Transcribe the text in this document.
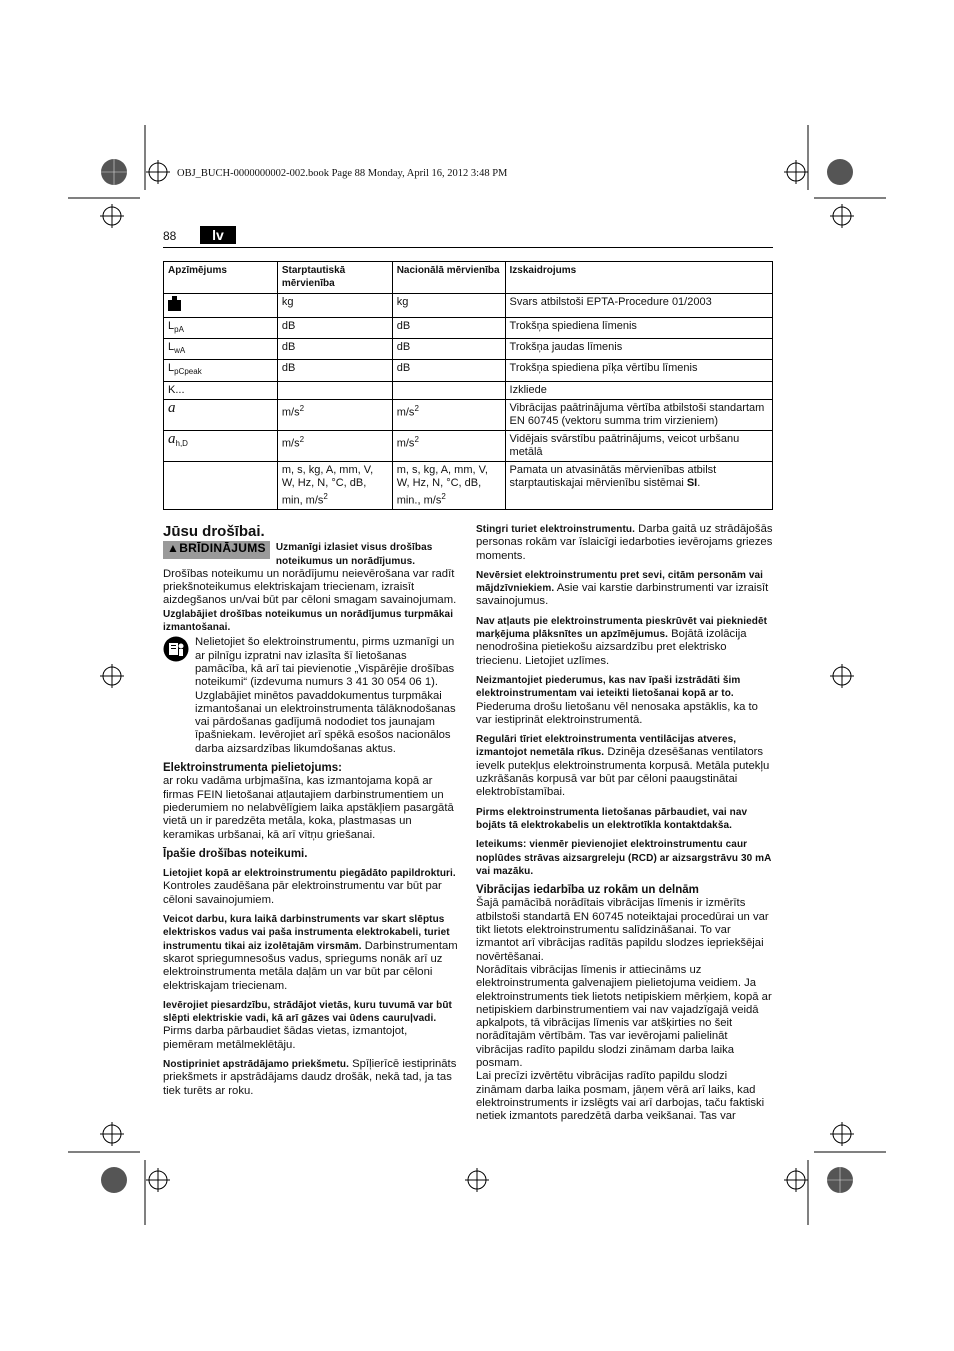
OBJ_BUCH-0000000002-002.book Page 88 Monday, April 16, 2012 3:48 PM
88	lv
Apzīmējums	Starptautiskā mērvienība	Nacionālā mērvienība	Izskaidrojums
	kg	kg	Svars atbilstoši EPTA-Procedure 01/2003
$L_{pA}$	dB	dB	Trokšņa spiediena līmenis
$L_{wA}$	dB	dB	Trokšņa jaudas līmenis
$L_{pCpeak}$	dB	dB	Trokšņa spiediena pīķa vērtību līmenis
K...			Izkliede
a	$m/s^2$	$m/s^2$	Vibrācijas paātrinājuma vērtība atbilstoši standartam EN 60745 (vektoru summa trim virzieniem)
$a_{h,D}$	$m/s^2$	$m/s^2$	Vidējais svārstību paātrinājums, veicot urbšanu metālā
	m, s, kg, A, mm, V, W, Hz, N, °C, dB, min, $m/s^2$	m, s, kg, A, mm, V, W, Hz, N, °C, dB, min., $m/s^2$	Pamata un atvasinātās mērvienības atbilst starptautiskajai mērvienību sistēmai SI.
Jūsu drošībai.
▲BRĪDINĀJUMS	Uzmanīgi izlasiet visus drošības noteikumus un norādījumus.

Drošības noteikumu un norādījumu neievērošana var radīt priekšnoteikumus elektriskajam triecienam, izraisīt aizdegšanos un/vai būt par cēloni smagam savainojumam.

Uzglabājiet drošības noteikumus un norādījumus turpmākai izmantošanai.

Nelietojiet šo elektroinstrumentu, pirms uzmanīgi un ar pilnīgu izpratni nav izlasīta šī lietošanas pamācība, kā arī tai pievienotie „Vispārējie drošības noteikumi“ (izdevuma numurs 3 41 30 054 06 1). Uzglabājiet minētos pavaddokumentus turpmākai izmantošanai un elektroinstrumenta tālāknodošanas vai pārdošanas gadījumā nododiet tos jaunajam īpašniekam. Ievērojiet arī spēkā esošos nacionālos darba aizsardzības likumdošanas aktus.

Elektroinstrumenta pielietojums:

ar roku vadāma urbjmašīna, kas izmantojama kopā ar firmas FEIN lietošanai atļautajiem darbinstrumentiem un piederumiem no nelabvēlīgiem laika apstākļiem pasargātā vietā un ir paredzēta metāla, koka, plastmasas un keramikas urbšanai, kā arī vītņu griešanai.

Īpašie drošības noteikumi.

Lietojiet kopā ar elektroinstrumentu piegādāto papildrokturi. Kontroles zaudēšana pār elektroinstrumentu var būt par cēloni savainojumiem.

Veicot darbu, kura laikā darbinstruments var skart slēptus elektriskos vadus vai paša instrumenta elektrokabeli, turiet instrumentu tikai aiz izolētajām virsmām. Darbinstrumentam skarot spriegumnesošus vadus, spriegums nonāk arī uz elektroinstrumenta metāla daļām un var būt par cēloni elektriskajam triecienam.

Ievērojiet piesardzību, strādājot vietās, kuru tuvumā var būt slēpti elektriskie vadi, kā arī gāzes vai ūdens cauruļvadi. Pirms darba pārbaudiet šādas vietas, izmantojot, piemēram metālmeklētāju.

Nostipriniet apstrādājamo priekšmetu. Spīļierīcē iestiprināts priekšmets ir apstrādājams daudz drošāk, nekā tad, ja tas tiek turēts ar roku.

Stingri turiet elektroinstrumentu. Darba gaitā uz strādājošās personas rokām var īslaicīgi iedarboties ievērojams griezes moments.

Nevērsiet elektroinstrumentu pret sevi, citām personām vai mājdzīvniekiem. Asie vai karstie darbinstrumenti var izraisīt savainojumus.

Nav atļauts pie elektroinstrumenta pieskrūvēt vai piekniedēt marķējuma plāksnītes un apzīmējumus. Bojātā izolācija nenodrošina pietiekošu aizsardzību pret elektrisko triecienu. Lietojiet uzlīmes.

Neizmantojiet piederumus, kas nav īpaši izstrādāti šim elektroinstrumentam vai ieteikti lietošanai kopā ar to. Piederuma drošu lietošanu vēl nenosaka apstāklis, ka to var iestiprināt elektroinstrumentā.

Regulāri tīriet elektroinstrumenta ventilācijas atveres, izmantojot nemetāla rīkus. Dzinēja dzesēšanas ventilators ievelk putekļus elektroinstrumenta korpusā. Metāla putekļu uzkrāšanās korpusā var būt par cēloni paaugstinātai elektrobīstamībai.

Pirms elektroinstrumenta lietošanas pārbaudiet, vai nav bojāts tā elektrokabelis un elektrotīkla kontaktdakša.

Ieteikums: vienmēr pievienojiet elektroinstrumentu caur noplūdes strāvas aizsargreleju (RCD) ar aizsargstrāvu 30 mA vai mazāku.

Vibrācijas iedarbība uz rokām un delnām

Šajā pamācībā norādītais vibrācijas līmenis ir izmērīts atbilstoši standartā EN 60745 noteiktajai procedūrai un var tikt lietots elektroinstrumentu salīdzināšanai. To var izmantot arī vibrācijas radītās papildu slodzes iepriekšējai novērtēšanai.

Norādītais vibrācijas līmenis ir attiecināms uz elektroinstrumenta galvenajiem pielietojuma veidiem. Ja elektroinstruments tiek lietots netipiskiem mērķiem, kopā ar netipiskiem darbinstrumentiem vai nav vajadzīgajā veidā apkalpots, tā vibrācijas līmenis var atšķirties no šeit norādītajām vērtībām. Tas var ievērojami palielināt vibrācijas radīto papildu slodzi zināmam darba laika posmam.

Lai precīzi izvērtētu vibrācijas radīto papildu slodzi zināmam darba laika posmam, jāņem vērā arī laiks, kad elektroinstruments ir izslēgts vai arī darbojas, taču faktiski netiek izmantots paredzētā darba veikšanai. Tas var
